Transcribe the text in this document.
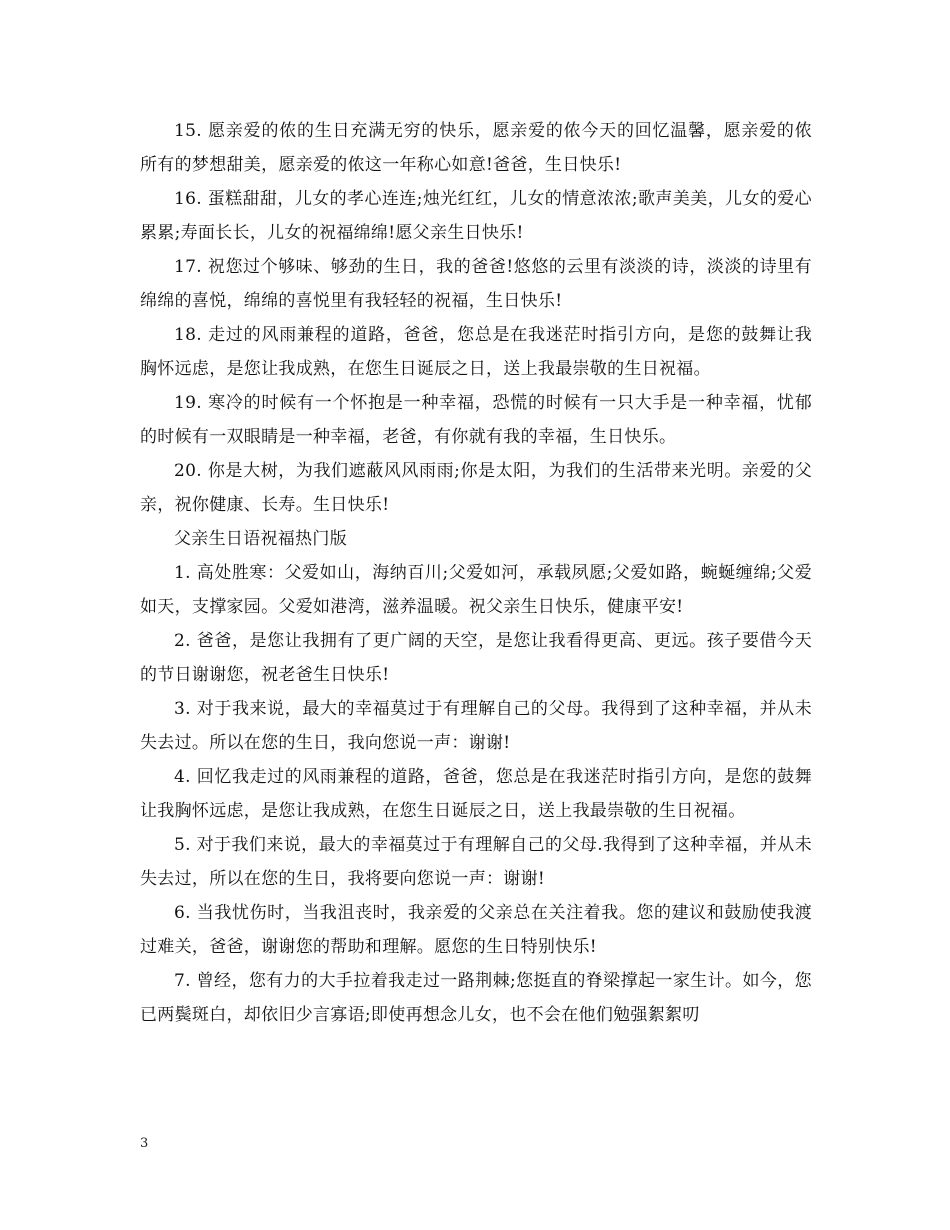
15. 愿亲爱的侬的生日充满无穷的快乐，愿亲爱的侬今天的回忆温馨，愿亲爱的侬所有的梦想甜美，愿亲爱的侬这一年称心如意!爸爸，生日快乐!

16. 蛋糕甜甜，儿女的孝心连连;烛光红红，儿女的情意浓浓;歌声美美，儿女的爱心累累;寿面长长，儿女的祝福绵绵!愿父亲生日快乐!

17. 祝您过个够味、够劲的生日，我的爸爸!悠悠的云里有淡淡的诗，淡淡的诗里有绵绵的喜悦，绵绵的喜悦里有我轻轻的祝福，生日快乐!

18. 走过的风雨兼程的道路，爸爸，您总是在我迷茫时指引方向，是您的鼓舞让我胸怀远虑，是您让我成熟，在您生日诞辰之日，送上我最崇敬的生日祝福。

19. 寒冷的时候有一个怀抱是一种幸福，恐慌的时候有一只大手是一种幸福，忧郁的时候有一双眼睛是一种幸福，老爸，有你就有我的幸福，生日快乐。

20. 你是大树，为我们遮蔽风风雨雨;你是太阳，为我们的生活带来光明。亲爱的父亲，祝你健康、长寿。生日快乐!

父亲生日语祝福热门版

1. 高处胜寒：父爱如山，海纳百川;父爱如河，承载夙愿;父爱如路，蜿蜒缠绵;父爱如天，支撑家园。父爱如港湾，滋养温暖。祝父亲生日快乐，健康平安!

2. 爸爸，是您让我拥有了更广阔的天空，是您让我看得更高、更远。孩子要借今天的节日谢谢您，祝老爸生日快乐!

3. 对于我来说，最大的幸福莫过于有理解自己的父母。我得到了这种幸福，并从未失去过。所以在您的生日，我向您说一声：谢谢!

4. 回忆我走过的风雨兼程的道路，爸爸，您总是在我迷茫时指引方向，是您的鼓舞让我胸怀远虑，是您让我成熟，在您生日诞辰之日，送上我最崇敬的生日祝福。

5. 对于我们来说，最大的幸福莫过于有理解自己的父母.我得到了这种幸福，并从未失去过，所以在您的生日，我将要向您说一声：谢谢!

6. 当我忧伤时，当我沮丧时，我亲爱的父亲总在关注着我。您的建议和鼓励使我渡过难关，爸爸，谢谢您的帮助和理解。愿您的生日特别快乐!

7. 曾经，您有力的大手拉着我走过一路荆棘;您挺直的脊梁撑起一家生计。如今，您已两鬓斑白，却依旧少言寡语;即使再想念儿女，也不会在他们勉强絮絮叨

3
